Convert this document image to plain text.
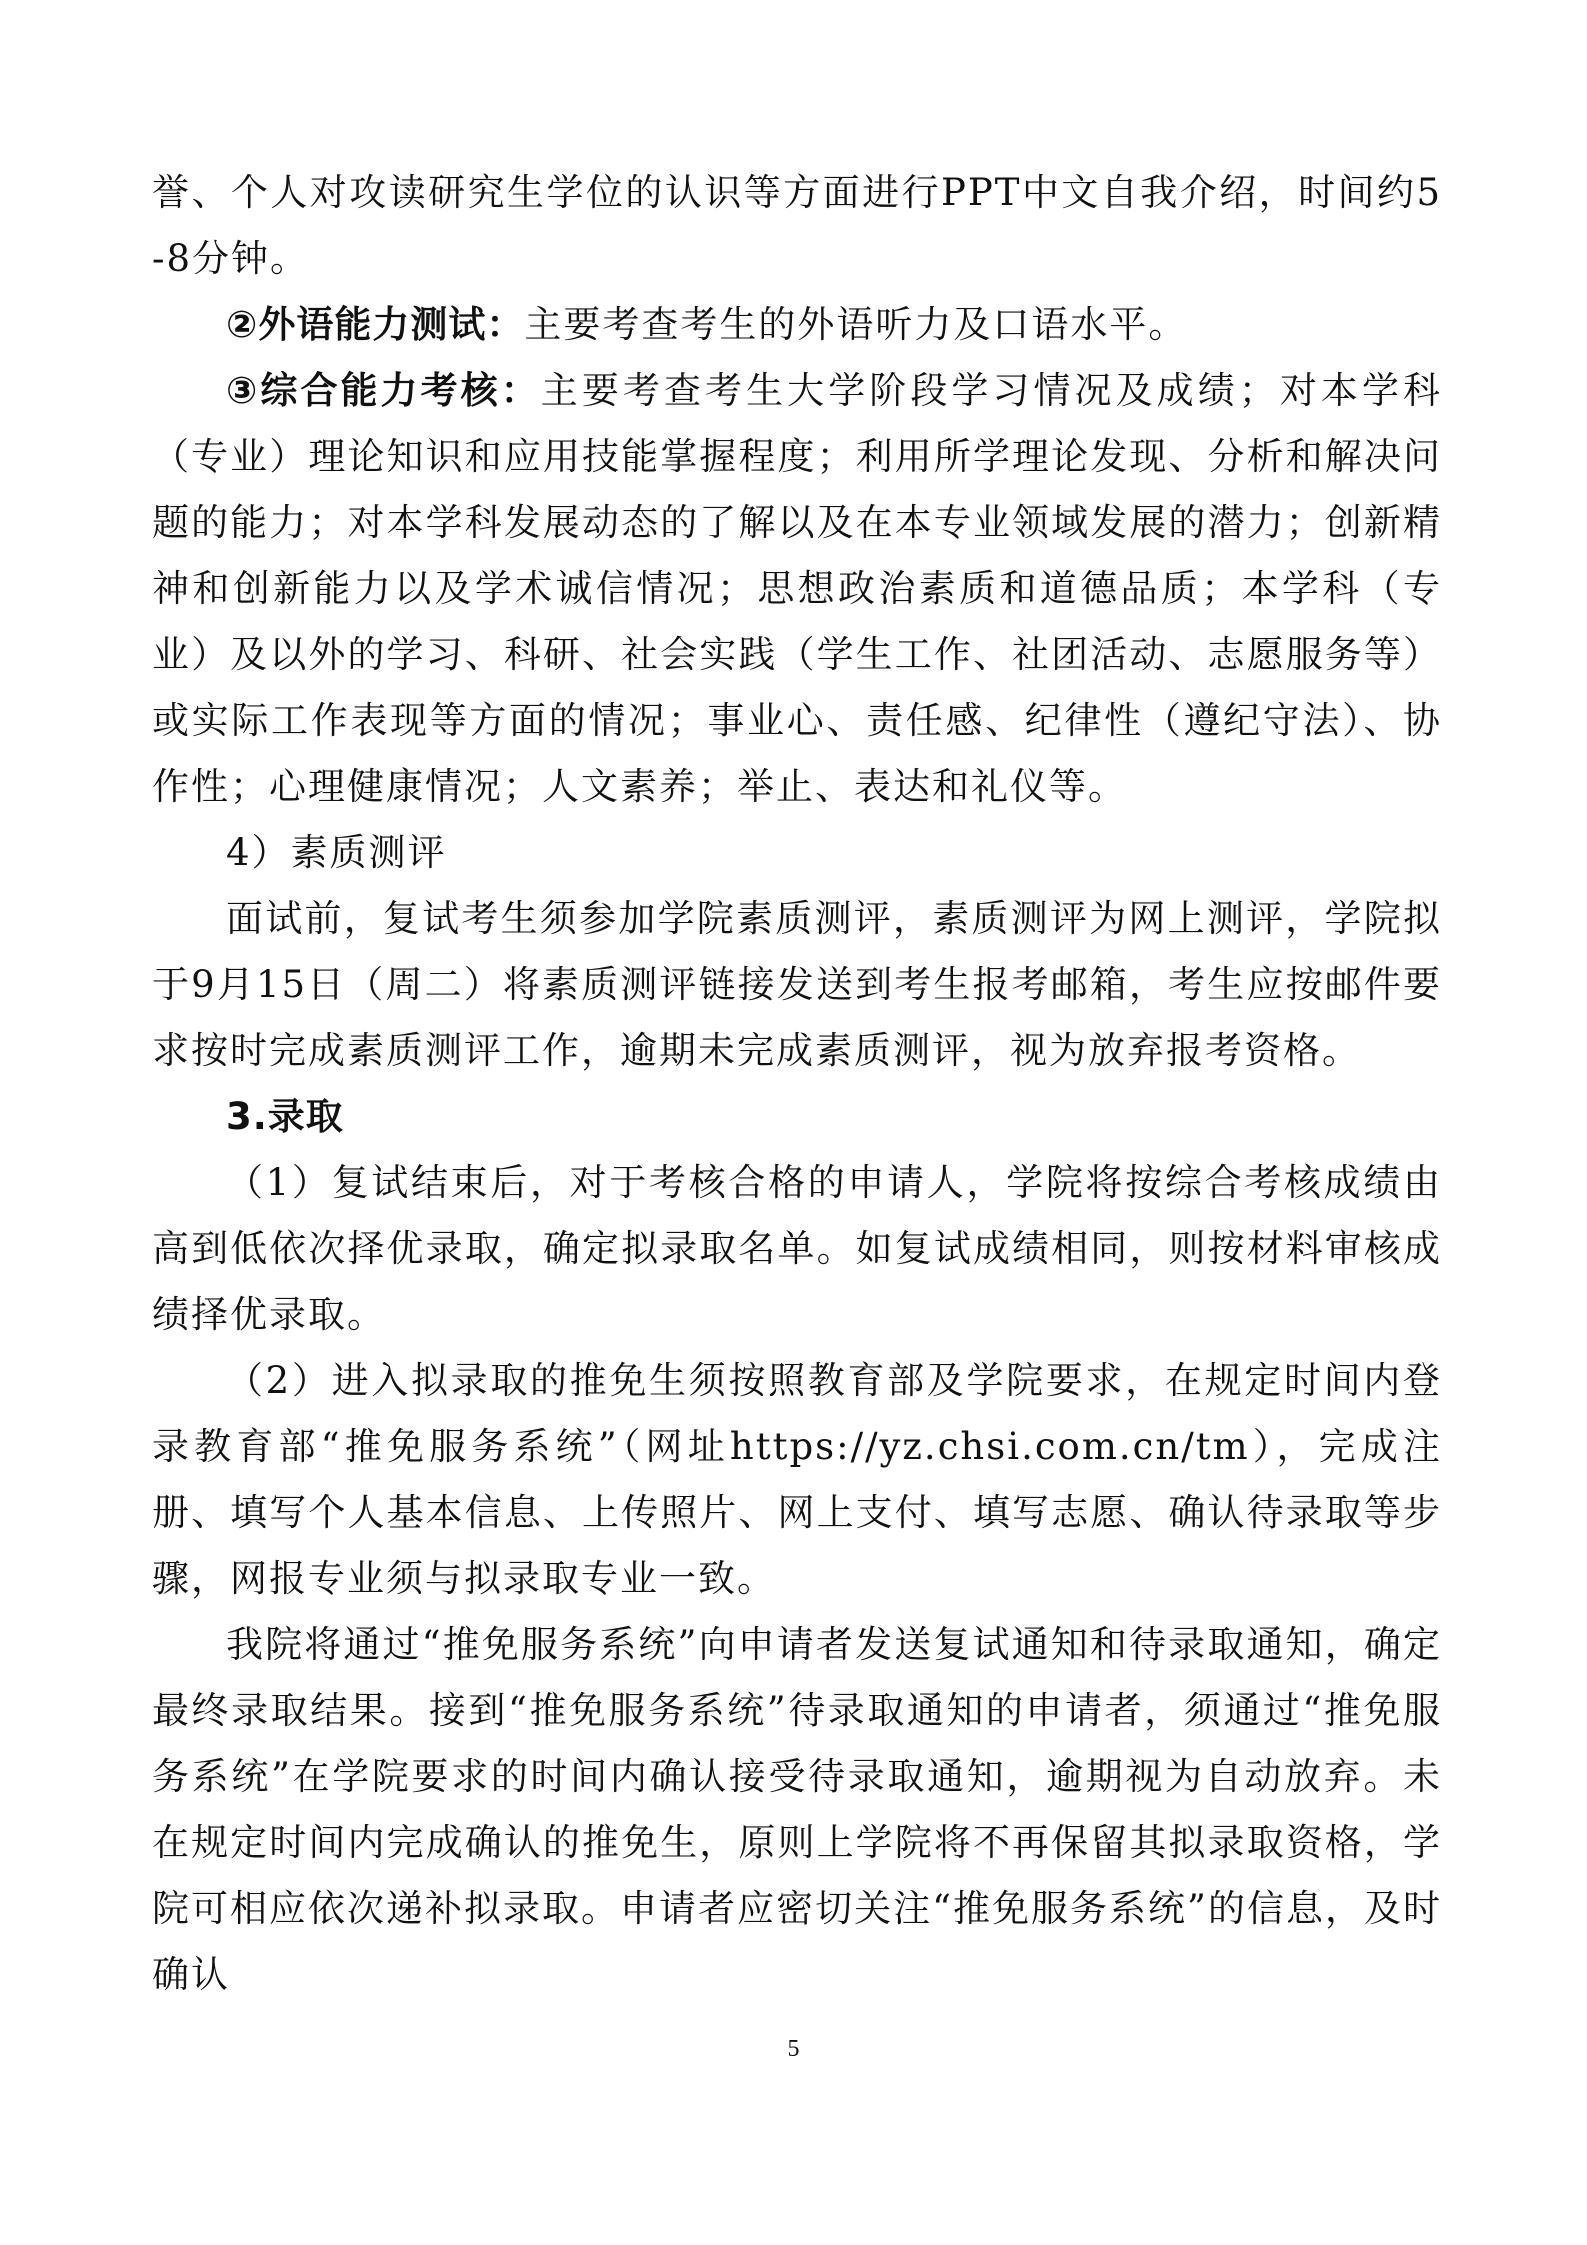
誉、个人对攻读研究生学位的认识等方面进行PPT中文自我介绍，时间约5-8分钟。

②外语能力测试：主要考查考生的外语听力及口语水平。

③综合能力考核：主要考查考生大学阶段学习情况及成绩；对本学科（专业）理论知识和应用技能掌握程度；利用所学理论发现、分析和解决问题的能力；对本学科发展动态的了解以及在本专业领域发展的潜力；创新精神和创新能力以及学术诚信情况；思想政治素质和道德品质；本学科（专业）及以外的学习、科研、社会实践（学生工作、社团活动、志愿服务等）或实际工作表现等方面的情况；事业心、责任感、纪律性（遵纪守法）、协作性；心理健康情况；人文素养；举止、表达和礼仪等。

4）素质测评

面试前，复试考生须参加学院素质测评，素质测评为网上测评，学院拟于9月15日（周二）将素质测评链接发送到考生报考邮箱，考生应按邮件要求按时完成素质测评工作，逾期未完成素质测评，视为放弃报考资格。

3.录取

（1）复试结束后，对于考核合格的申请人，学院将按综合考核成绩由高到低依次择优录取，确定拟录取名单。如复试成绩相同，则按材料审核成绩择优录取。

（2）进入拟录取的推免生须按照教育部及学院要求，在规定时间内登录教育部“推免服务系统”（网址https://yz.chsi.com.cn/tm），完成注册、填写个人基本信息、上传照片、网上支付、填写志愿、确认待录取等步骤，网报专业须与拟录取专业一致。

我院将通过“推免服务系统”向申请者发送复试通知和待录取通知，确定最终录取结果。接到“推免服务系统”待录取通知的申请者，须通过“推免服务系统”在学院要求的时间内确认接受待录取通知，逾期视为自动放弃。未在规定时间内完成确认的推免生，原则上学院将不再保留其拟录取资格，学院可相应依次递补拟录取。申请者应密切关注“推免服务系统”的信息，及时确认

5
